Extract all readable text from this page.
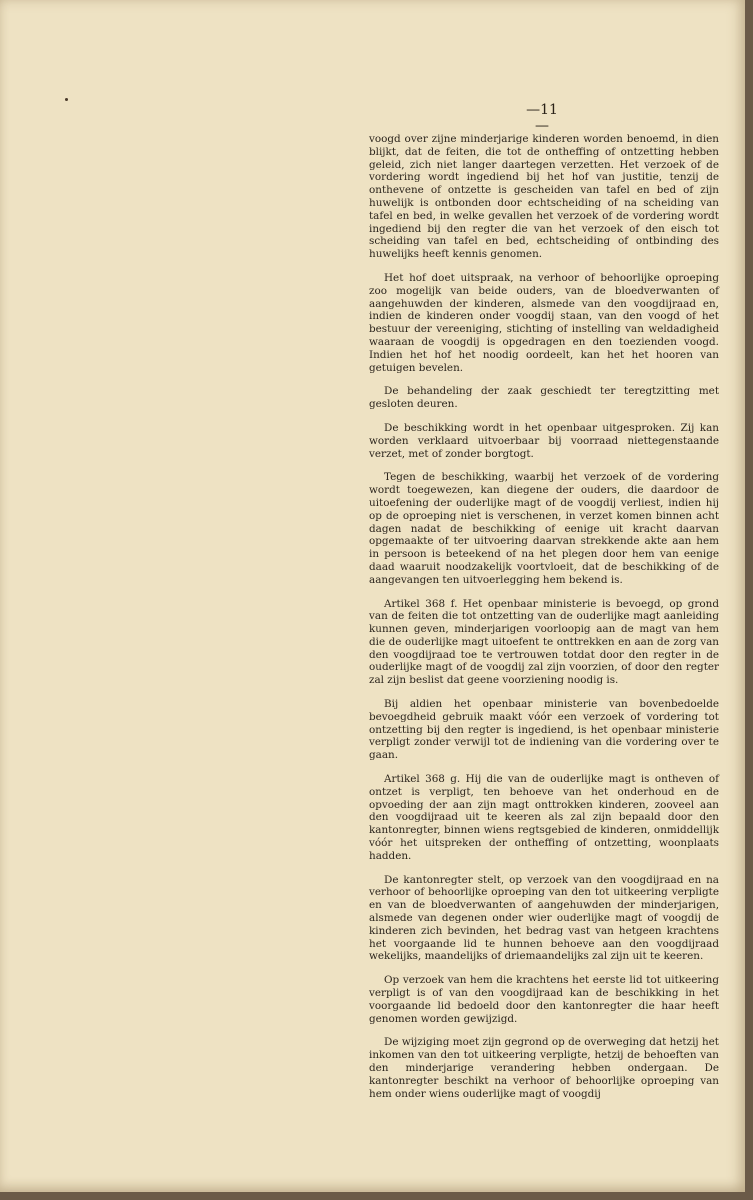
—11—

voogd over zijne minderjarige kinderen worden benoemd, in dien blijkt, dat de feiten, die tot de ontheffing of ontzetting hebben geleid, zich niet langer daartegen verzetten. Het verzoek of de vordering wordt ingediend bij het hof van justitie, tenzij de onthevene of ontzette is gescheiden van tafel en bed of zijn huwelijk is ontbonden door echtscheiding of na scheiding van tafel en bed, in welke gevallen het verzoek of de vordering wordt ingediend bij den regter die van het verzoek of den eisch tot scheiding van tafel en bed, echtscheiding of ontbinding des huwelijks heeft kennis genomen.

Het hof doet uitspraak, na verhoor of behoorlijke oproeping zoo mogelijk van beide ouders, van de bloedverwanten of aangehuwden der kinderen, alsmede van den voogdijraad en, indien de kinderen onder voogdij staan, van den voogd of het bestuur der vereeniging, stichting of instelling van weldadigheid waaraan de voogdij is opgedragen en den toezienden voogd. Indien het hof het noodig oordeelt, kan het het hooren van getuigen bevelen.

De behandeling der zaak geschiedt ter teregtzitting met gesloten deuren.

De beschikking wordt in het openbaar uitgesproken. Zij kan worden verklaard uitvoerbaar bij voorraad niettegenstaande verzet, met of zonder borgtogt.

Tegen de beschikking, waarbij het verzoek of de vordering wordt toegewezen, kan diegene der ouders, die daardoor de uitoefening der ouderlijke magt of de voogdij verliest, indien hij op de oproeping niet is verschenen, in verzet komen binnen acht dagen nadat de beschikking of eenige uit kracht daarvan opgemaakte of ter uitvoering daarvan strekkende akte aan hem in persoon is beteekend of na het plegen door hem van eenige daad waaruit noodzakelijk voortvloeit, dat de beschikking of de aangevangen ten uitvoerlegging hem bekend is.

Artikel 368 f. Het openbaar ministerie is bevoegd, op grond van de feiten die tot ontzetting van de ouderlijke magt aanleiding kunnen geven, minderjarigen voorloopig aan de magt van hem die de ouderlijke magt uitoefent te onttrekken en aan de zorg van den voogdijraad toe te vertrouwen totdat door den regter in de ouderlijke magt of de voogdij zal zijn voorzien, of door den regter zal zijn beslist dat geene voorziening noodig is.

Bij aldien het openbaar ministerie van bovenbedoelde bevoegdheid gebruik maakt vóór een verzoek of vordering tot ontzetting bij den regter is ingediend, is het openbaar ministerie verpligt zonder verwijl tot de indiening van die vordering over te gaan.

Artikel 368 g. Hij die van de ouderlijke magt is ontheven of ontzet is verpligt, ten behoeve van het onderhoud en de opvoeding der aan zijn magt onttrokken kinderen, zooveel aan den voogdijraad uit te keeren als zal zijn bepaald door den kantonregter, binnen wiens regtsgebied de kinderen, onmiddellijk vóór het uitspreken der ontheffing of ontzetting, woonplaats hadden.

De kantonregter stelt, op verzoek van den voogdijraad en na verhoor of behoorlijke oproeping van den tot uitkeering verpligte en van de bloedverwanten of aangehuwden der minderjarigen, alsmede van degenen onder wier ouderlijke magt of voogdij de kinderen zich bevinden, het bedrag vast van hetgeen krachtens het voorgaande lid te hunnen behoeve aan den voogdijraad wekelijks, maandelijks of driemaandelijks zal zijn uit te keeren.

Op verzoek van hem die krachtens het eerste lid tot uitkeering verpligt is of van den voogdijraad kan de beschikking in het voorgaande lid bedoeld door den kantonregter die haar heeft genomen worden gewijzigd.

De wijziging moet zijn gegrond op de overweging dat hetzij het inkomen van den tot uitkeering verpligte, hetzij de behoeften van den minderjarige verandering hebben ondergaan. De kantonregter beschikt na verhoor of behoorlijke oproeping van hem onder wiens ouderlijke magt of voogdij
